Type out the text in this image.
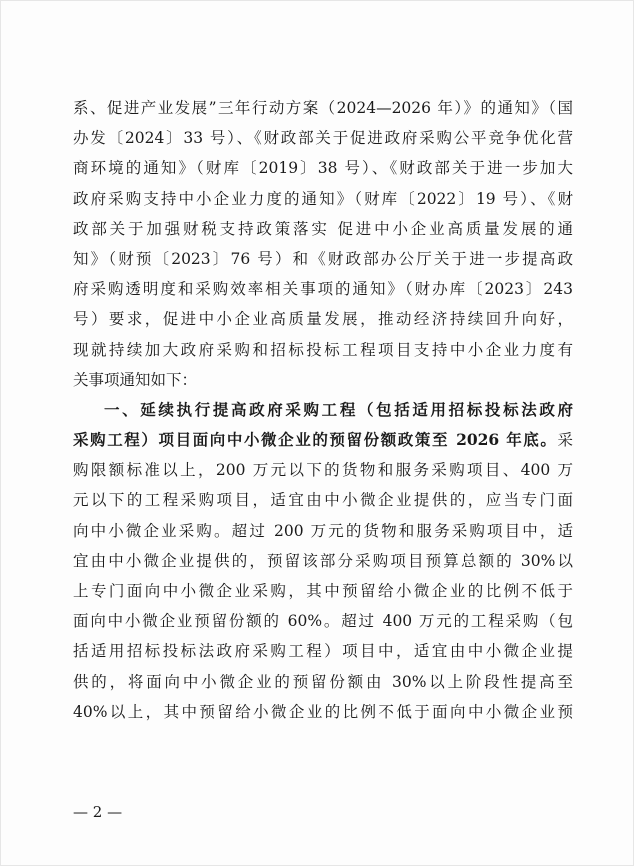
系、促进产业发展”三年行动方案（2024—2026 年）》的通知》（国
办发〔2024〕33 号）、《财政部关于促进政府采购公平竞争优化营
商环境的通知》（财库〔2019〕38 号）、《财政部关于进一步加大
政府采购支持中小企业力度的通知》（财库〔2022〕19 号）、《财
政部关于加强财税支持政策落实 促进中小企业高质量发展的通
知》（财预〔2023〕76 号）和《财政部办公厅关于进一步提高政
府采购透明度和采购效率相关事项的通知》（财办库〔2023〕243
号）要求，促进中小企业高质量发展，推动经济持续回升向好，
现就持续加大政府采购和招标投标工程项目支持中小企业力度有
关事项通知如下：
一、延续执行提高政府采购工程（包括适用招标投标法政府
采购工程）项目面向中小微企业的预留份额政策至 2026 年底。采
购限额标准以上，200 万元以下的货物和服务采购项目、400 万
元以下的工程采购项目，适宜由中小微企业提供的，应当专门面
向中小微企业采购。超过 200 万元的货物和服务采购项目中，适
宜由中小微企业提供的，预留该部分采购项目预算总额的 30%以
上专门面向中小微企业采购，其中预留给小微企业的比例不低于
面向中小微企业预留份额的 60%。超过 400 万元的工程采购（包
括适用招标投标法政府采购工程）项目中，适宜由中小微企业提
供的，将面向中小微企业的预留份额由 30%以上阶段性提高至
40%以上，其中预留给小微企业的比例不低于面向中小微企业预
— 2 —
